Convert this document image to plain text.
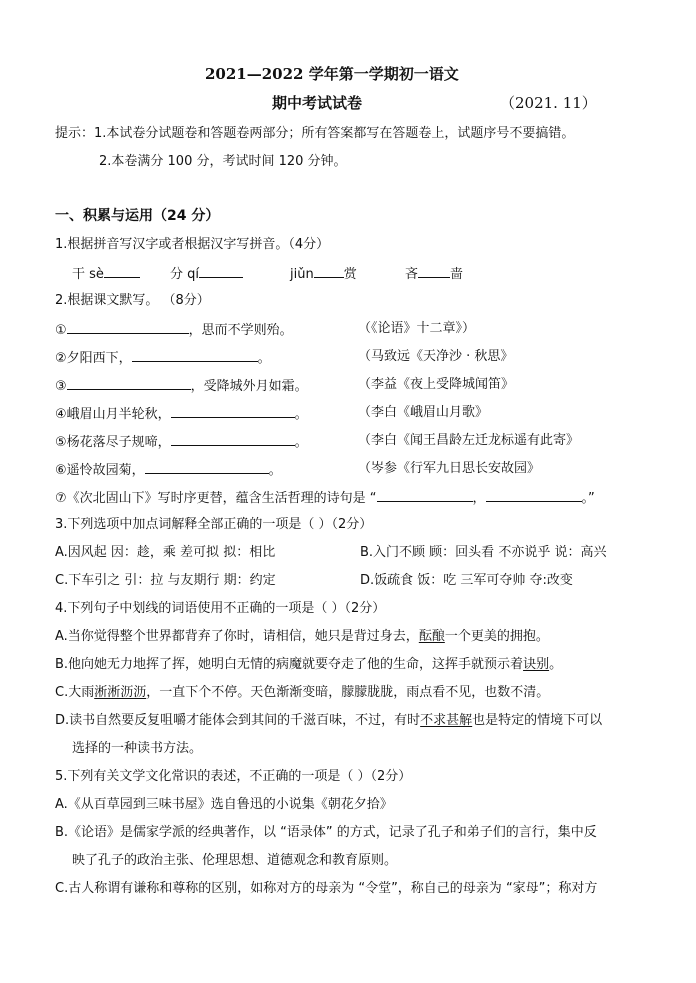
2021—2022 学年第一学期初一语文
期中考试试卷	（2021. 11）
提示：1.本试卷分试题卷和答题卷两部分；所有答案都写在答题卷上，试题序号不要搞错。
2.本卷满分 100 分，考试时间 120 分钟。
一、积累与运用（24 分）
1.根据拼音写汉字或者根据汉字写拼音。（4分）
干 sè	分 qí	jiǔn 赏	吝 啬
2.根据课文默写。 （8分）
①	，思而不学则殆。	（《论语》十二章》）
②夕阳西下，	。	（马致远《天净沙 · 秋思》
③	，受降城外月如霜。	（李益《夜上受降城闻笛》
④峨眉山月半轮秋，	。	（李白《峨眉山月歌》
⑤杨花落尽子规啼，	。	（李白《闻王昌龄左迁龙标遥有此寄》
⑥遥怜故园菊，	。	（岑参《行军九日思长安故园》
⑦《次北固山下》写时序更替，蕴含生活哲理的诗句是 “	，	。”
3.下列选项中加点词解释全部正确的一项是（ ）（2分）
A.因风起 因：趁，乘 差可拟 拟：相比	B.入门不顾 顾：回头看 不亦说乎 说：高兴
C.下车引之 引：拉 与友期行 期：约定	D.饭疏食 饭：吃 三军可夺帅 夺:改变
4.下列句子中划线的词语使用不正确的一项是（ ）（2分）
A.当你觉得整个世界都背弃了你时，请相信，她只是背过身去，酝酿一个更美的拥抱。
B.他向她无力地挥了挥，她明白无情的病魔就要夺走了他的生命，这挥手就预示着诀别。
C.大雨淅淅沥沥，一直下个不停。天色渐渐变暗，朦朦胧胧，雨点看不见，也数不清。
D.读书自然要反复咀嚼才能体会到其间的千滋百味，不过，有时不求甚解也是特定的情境下可以
选择的一种读书方法。
5.下列有关文学文化常识的表述，不正确的一项是（ ）（2分）
A.《从百草园到三味书屋》选自鲁迅的小说集《朝花夕拾》
B.《论语》是儒家学派的经典著作，以 “语录体” 的方式，记录了孔子和弟子们的言行，集中反
映了孔子的政治主张、伦理思想、道德观念和教育原则。
C.古人称谓有谦称和尊称的区别，如称对方的母亲为 “令堂”，称自己的母亲为 “家母”；称对方
